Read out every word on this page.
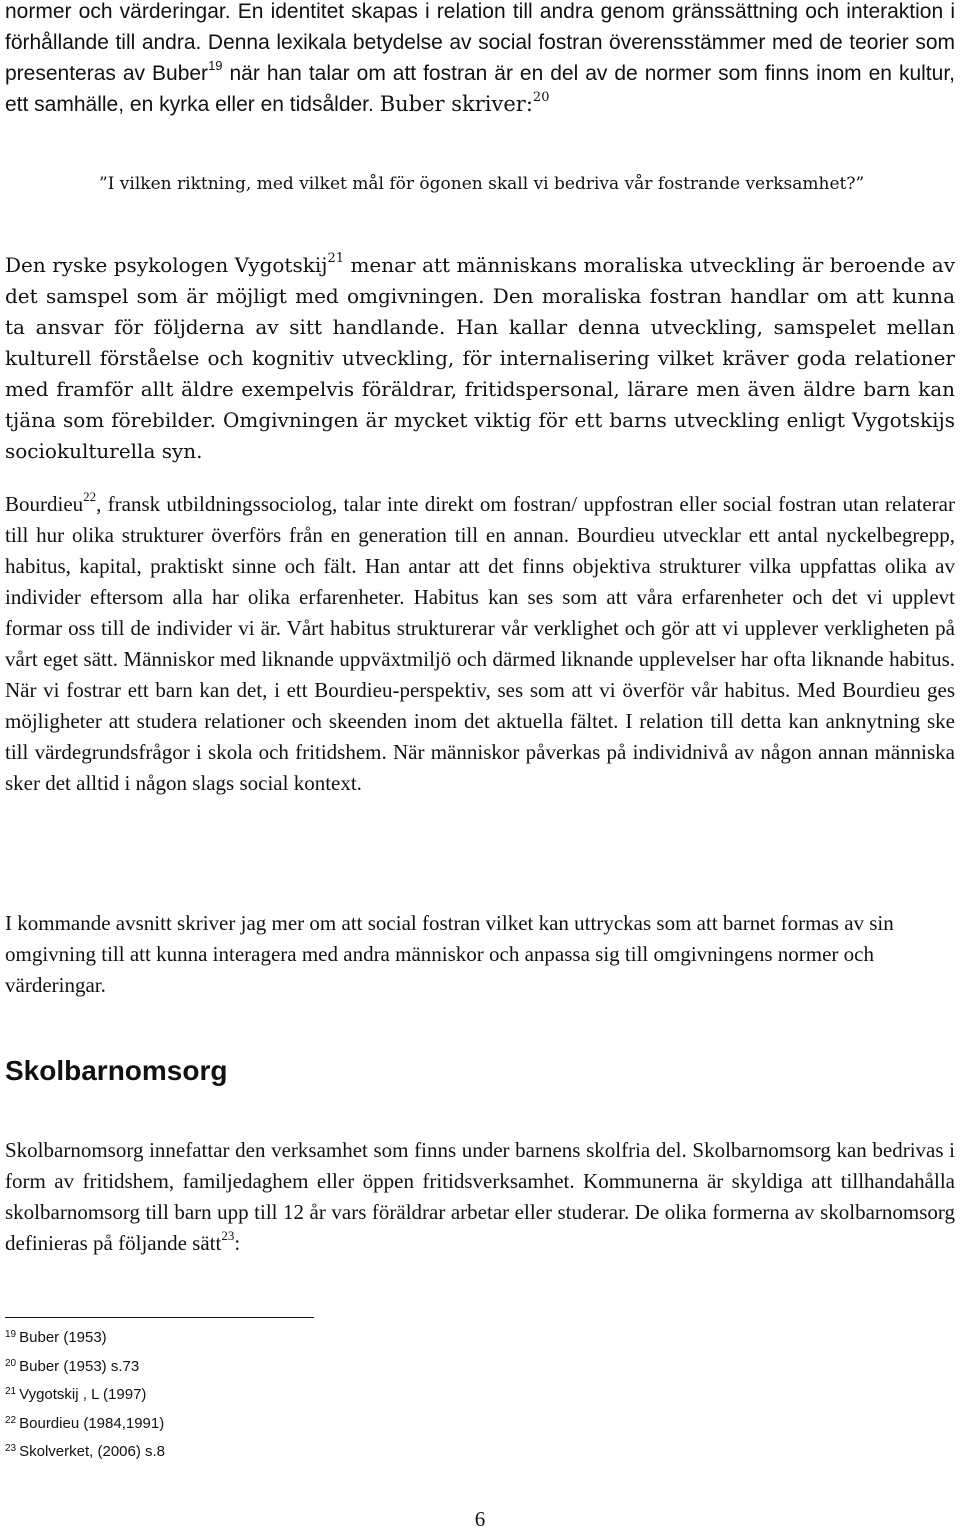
normer och värderingar. En identitet skapas i relation till andra genom gränssättning och interaktion i förhållande till andra. Denna lexikala betydelse av social fostran överensstämmer med de teorier som presenteras av Buber$^{19}$ när han talar om att fostran är en del av de normer som finns inom en kultur, ett samhälle, en kyrka eller en tidsålder. Buber skriver:$^{20}$

”I vilken riktning, med vilket mål för ögonen skall vi bedriva vår fostrande verksamhet?”

Den ryske psykologen Vygotskij$^{21}$ menar att människans moraliska utveckling är beroende av det samspel som är möjligt med omgivningen. Den moraliska fostran handlar om att kunna ta ansvar för följderna av sitt handlande. Han kallar denna utveckling, samspelet mellan kulturell förståelse och kognitiv utveckling, för internalisering vilket kräver goda relationer med framför allt äldre exempelvis föräldrar, fritidspersonal, lärare men även äldre barn kan tjäna som förebilder. Omgivningen är mycket viktig för ett barns utveckling enligt Vygotskijs sociokulturella syn.

Bourdieu$^{22}$, fransk utbildningssociolog, talar inte direkt om fostran/ uppfostran eller social fostran utan relaterar till hur olika strukturer överförs från en generation till en annan. Bourdieu utvecklar ett antal nyckelbegrepp, habitus, kapital, praktiskt sinne och fält. Han antar att det finns objektiva strukturer vilka uppfattas olika av individer eftersom alla har olika erfarenheter. Habitus kan ses som att våra erfarenheter och det vi upplevt formar oss till de individer vi är. Vårt habitus strukturerar vår verklighet och gör att vi upplever verkligheten på vårt eget sätt. Människor med liknande uppväxtmiljö och därmed liknande upplevelser har ofta liknande habitus. När vi fostrar ett barn kan det, i ett Bourdieu-perspektiv, ses som att vi överför vår habitus. Med Bourdieu ges möjligheter att studera relationer och skeenden inom det aktuella fältet. I relation till detta kan anknytning ske till värdegrundsfrågor i skola och fritidshem. När människor påverkas på individnivå av någon annan människa sker det alltid i någon slags social kontext.

I kommande avsnitt skriver jag mer om att social fostran vilket kan uttryckas som att barnet formas av sin omgivning till att kunna interagera med andra människor och anpassa sig till omgivningens normer och värderingar.

Skolbarnomsorg

Skolbarnomsorg innefattar den verksamhet som finns under barnens skolfria del. Skolbarnomsorg kan bedrivas i form av fritidshem, familjedaghem eller öppen fritidsverksamhet. Kommunerna är skyldiga att tillhandahålla skolbarnomsorg till barn upp till 12 år vars föräldrar arbetar eller studerar. De olika formerna av skolbarnomsorg definieras på följande sätt$^{23}$:

$^{19}$ Buber (1953)
$^{20}$ Buber (1953) s.73
$^{21}$ Vygotskij , L (1997)
$^{22}$ Bourdieu (1984,1991)
$^{23}$ Skolverket, (2006) s.8
6
